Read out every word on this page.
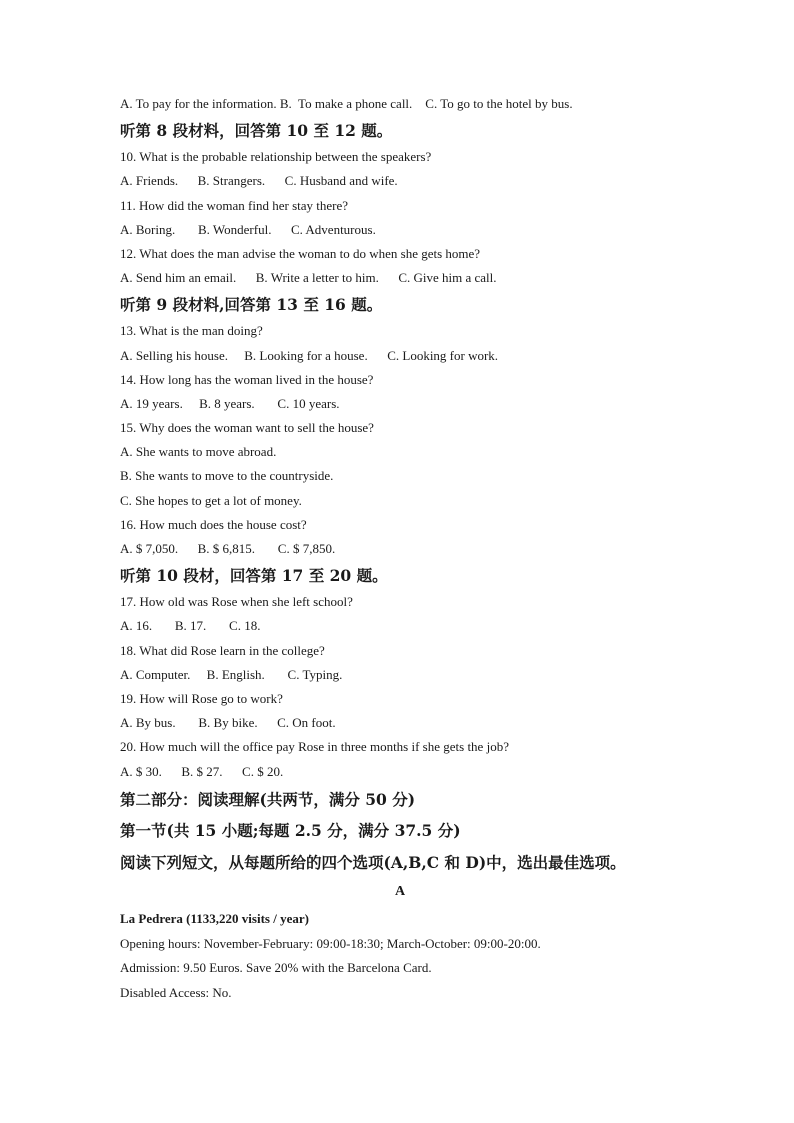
A. To pay for the information. B.  To make a phone call.    C. To go to the hotel by bus.
听第 8 段材料，回答第 10 至 12 题。
10. What is the probable relationship between the speakers?
A. Friends.      B. Strangers.      C. Husband and wife.
11. How did the woman find her stay there?
A. Boring.       B. Wonderful.      C. Adventurous.
12. What does the man advise the woman to do when she gets home?
A. Send him an email.      B. Write a letter to him.      C. Give him a call.
听第 9 段材料,回答第 13 至 16 题。
13. What is the man doing?
A. Selling his house.     B. Looking for a house.      C. Looking for work.
14. How long has the woman lived in the house?
A. 19 years.     B. 8 years.       C. 10 years.
15. Why does the woman want to sell the house?
A. She wants to move abroad.
B. She wants to move to the countryside.
C. She hopes to get a lot of money.
16. How much does the house cost?
A. $ 7,050.      B. $ 6,815.       C. $ 7,850.
听第 10 段材，回答第 17 至 20 题。
17. How old was Rose when she left school?
A. 16.       B. 17.       C. 18.
18. What did Rose learn in the college?
A. Computer.     B. English.       C. Typing.
19. How will Rose go to work?
A. By bus.       B. By bike.      C. On foot.
20. How much will the office pay Rose in three months if she gets the job?
A. $ 30.      B. $ 27.      C. $ 20.
第二部分：阅读理解(共两节，满分 50 分)
第一节(共 15 小题;每题 2.5 分，满分 37.5 分)
阅读下列短文，从每题所给的四个选项(A,B,C 和 D)中，选出最佳选项。
A
La Pedrera (1133,220 visits / year)
Opening hours: November-February: 09:00-18:30; March-October: 09:00-20:00.
Admission: 9.50 Euros. Save 20% with the Barcelona Card.
Disabled Access: No.
